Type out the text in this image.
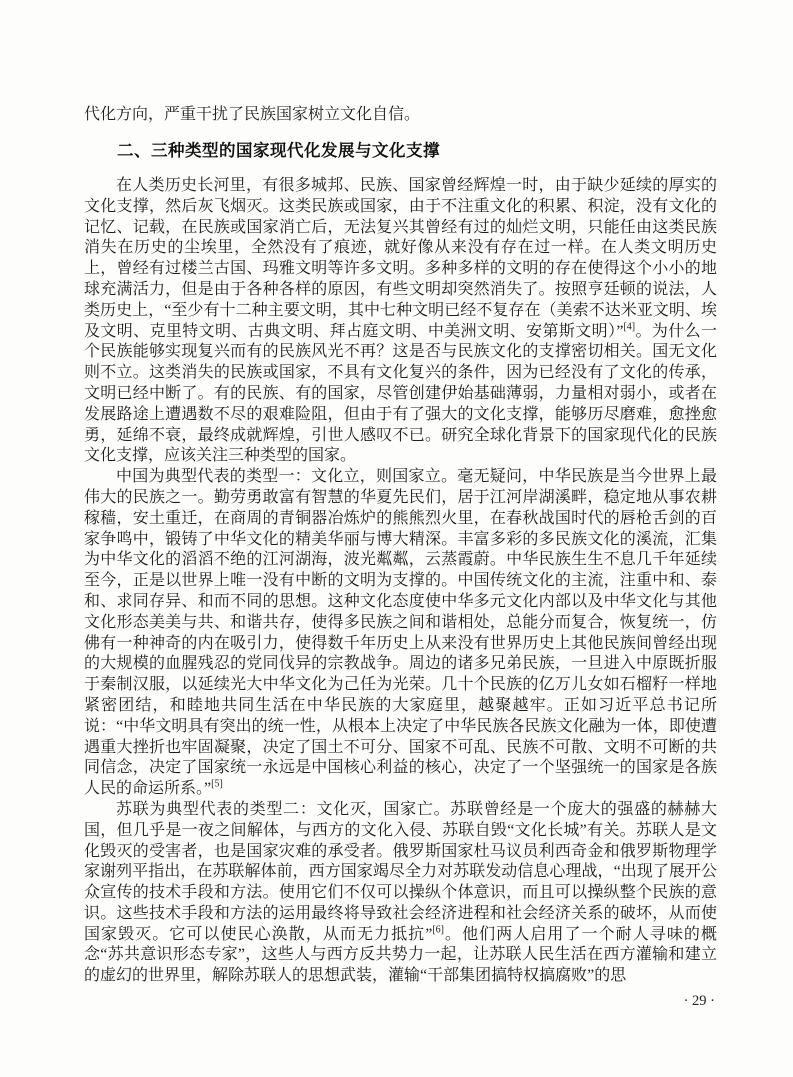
代化方向，严重干扰了民族国家树立文化自信。

二、三种类型的国家现代化发展与文化支撑

在人类历史长河里，有很多城邦、民族、国家曾经辉煌一时，由于缺少延续的厚实的文化支撑，然后灰飞烟灭。这类民族或国家，由于不注重文化的积累、积淀，没有文化的记忆、记载，在民族或国家消亡后，无法复兴其曾经有过的灿烂文明，只能任由这类民族消失在历史的尘埃里，全然没有了痕迹，就好像从来没有存在过一样。在人类文明历史上，曾经有过楼兰古国、玛雅文明等许多文明。多种多样的文明的存在使得这个小小的地球充满活力，但是由于各种各样的原因，有些文明却突然消失了。按照亨廷顿的说法，人类历史上，“至少有十二种主要文明，其中七种文明已经不复存在（美索不达米亚文明、埃及文明、克里特文明、古典文明、拜占庭文明、中美洲文明、安第斯文明）”[4]。为什么一个民族能够实现复兴而有的民族风光不再？这是否与民族文化的支撑密切相关。国无文化则不立。这类消失的民族或国家，不具有文化复兴的条件，因为已经没有了文化的传承，文明已经中断了。有的民族、有的国家，尽管创建伊始基础薄弱，力量相对弱小，或者在发展路途上遭遇数不尽的艰难险阻，但由于有了强大的文化支撑，能够历尽磨难，愈挫愈勇，延绵不衰，最终成就辉煌，引世人感叹不已。研究全球化背景下的国家现代化的民族文化支撑，应该关注三种类型的国家。

中国为典型代表的类型一：文化立，则国家立。毫无疑问，中华民族是当今世界上最伟大的民族之一。勤劳勇敢富有智慧的华夏先民们，居于江河岸湖溪畔，稳定地从事农耕稼穑，安土重迁，在商周的青铜器冶炼炉的熊熊烈火里，在春秋战国时代的唇枪舌剑的百家争鸣中，锻铸了中华文化的精美华丽与博大精深。丰富多彩的多民族文化的溪流，汇集为中华文化的滔滔不绝的江河湖海，波光粼粼，云蒸霞蔚。中华民族生生不息几千年延续至今，正是以世界上唯一没有中断的文明为支撑的。中国传统文化的主流，注重中和、泰和、求同存异、和而不同的思想。这种文化态度使中华多元文化内部以及中华文化与其他文化形态美美与共、和谐共存，使得多民族之间和谐相处，总能分而复合，恢复统一，仿佛有一种神奇的内在吸引力，使得数千年历史上从来没有世界历史上其他民族间曾经出现的大规模的血腥残忍的党同伐异的宗教战争。周边的诸多兄弟民族，一旦进入中原既折服于秦制汉服，以延续光大中华文化为己任为光荣。几十个民族的亿万儿女如石榴籽一样地紧密团结，和睦地共同生活在中华民族的大家庭里，越聚越牢。正如习近平总书记所说：“中华文明具有突出的统一性，从根本上决定了中华民族各民族文化融为一体，即使遭遇重大挫折也牢固凝聚，决定了国土不可分、国家不可乱、民族不可散、文明不可断的共同信念，决定了国家统一永远是中国核心利益的核心，决定了一个坚强统一的国家是各族人民的命运所系。”[5]

苏联为典型代表的类型二：文化灭，国家亡。苏联曾经是一个庞大的强盛的赫赫大国，但几乎是一夜之间解体，与西方的文化入侵、苏联自毁“文化长城”有关。苏联人是文化毁灭的受害者，也是国家灾难的承受者。俄罗斯国家杜马议员利西奇金和俄罗斯物理学家谢列平指出，在苏联解体前，西方国家竭尽全力对苏联发动信息心理战，“出现了展开公众宣传的技术手段和方法。使用它们不仅可以操纵个体意识，而且可以操纵整个民族的意识。这些技术手段和方法的运用最终将导致社会经济进程和社会经济关系的破坏，从而使国家毁灭。它可以使民心涣散，从而无力抵抗”[6]。他们两人启用了一个耐人寻味的概念“苏共意识形态专家”，这些人与西方反共势力一起，让苏联人民生活在西方灌输和建立的虚幻的世界里，解除苏联人的思想武装，灌输“干部集团搞特权搞腐败”的思

· 29 ·
